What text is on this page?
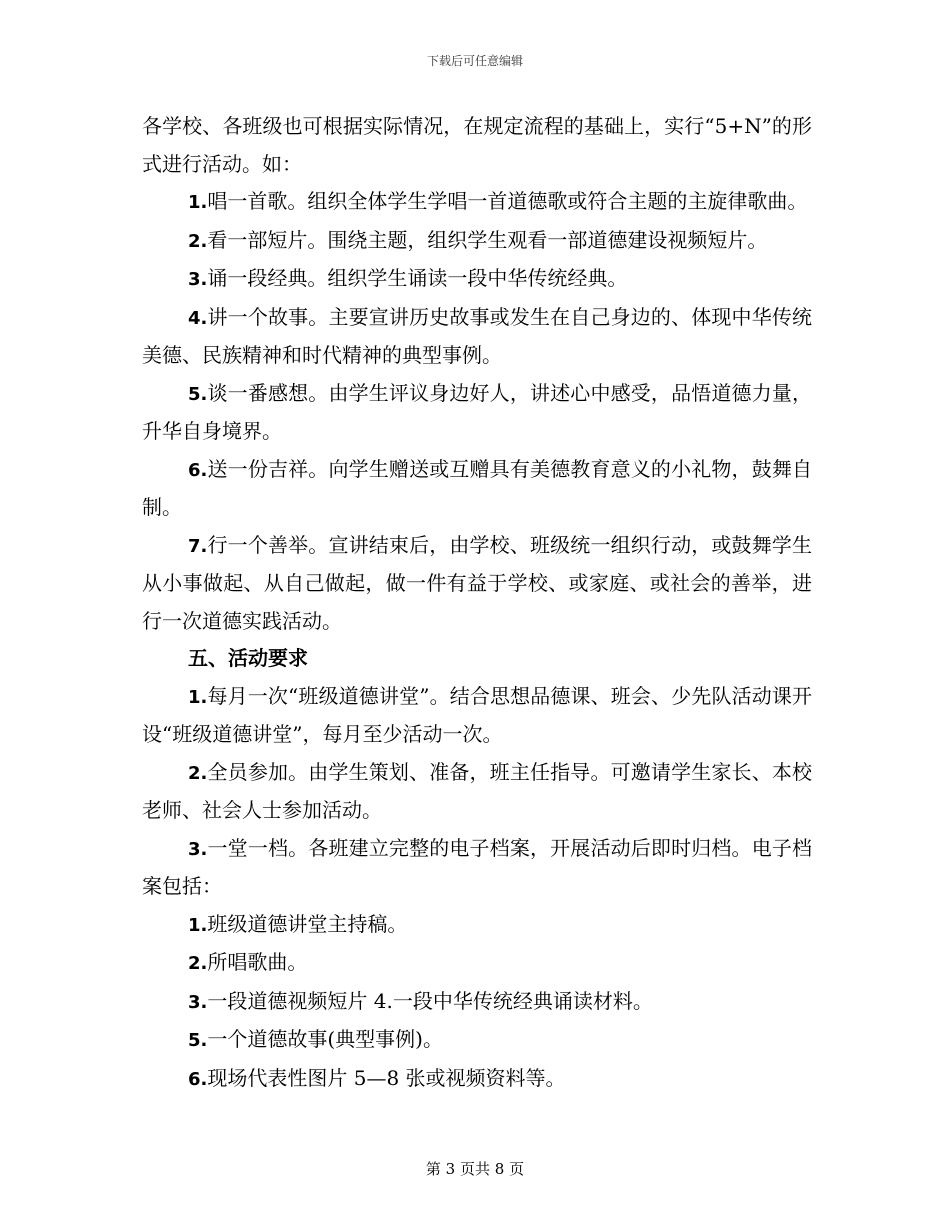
下载后可任意编辑

各学校、各班级也可根据实际情况，在规定流程的基础上，实行“5+N”的形式进行活动。如：

1.唱一首歌。组织全体学生学唱一首道德歌或符合主题的主旋律歌曲。

2.看一部短片。围绕主题，组织学生观看一部道德建设视频短片。

3.诵一段经典。组织学生诵读一段中华传统经典。

4.讲一个故事。主要宣讲历史故事或发生在自己身边的、体现中华传统美德、民族精神和时代精神的典型事例。

5.谈一番感想。由学生评议身边好人，讲述心中感受，品悟道德力量，升华自身境界。

6.送一份吉祥。向学生赠送或互赠具有美德教育意义的小礼物，鼓舞自制。

7.行一个善举。宣讲结束后，由学校、班级统一组织行动，或鼓舞学生从小事做起、从自己做起，做一件有益于学校、或家庭、或社会的善举，进行一次道德实践活动。

五、活动要求

1.每月一次“班级道德讲堂”。结合思想品德课、班会、少先队活动课开设“班级道德讲堂”，每月至少活动一次。

2.全员参加。由学生策划、准备，班主任指导。可邀请学生家长、本校老师、社会人士参加活动。

3.一堂一档。各班建立完整的电子档案，开展活动后即时归档。电子档案包括：

1.班级道德讲堂主持稿。

2.所唱歌曲。

3.一段道德视频短片 4.一段中华传统经典诵读材料。

5.一个道德故事(典型事例)。

6.现场代表性图片 5—8 张或视频资料等。

第 3 页共 8 页
